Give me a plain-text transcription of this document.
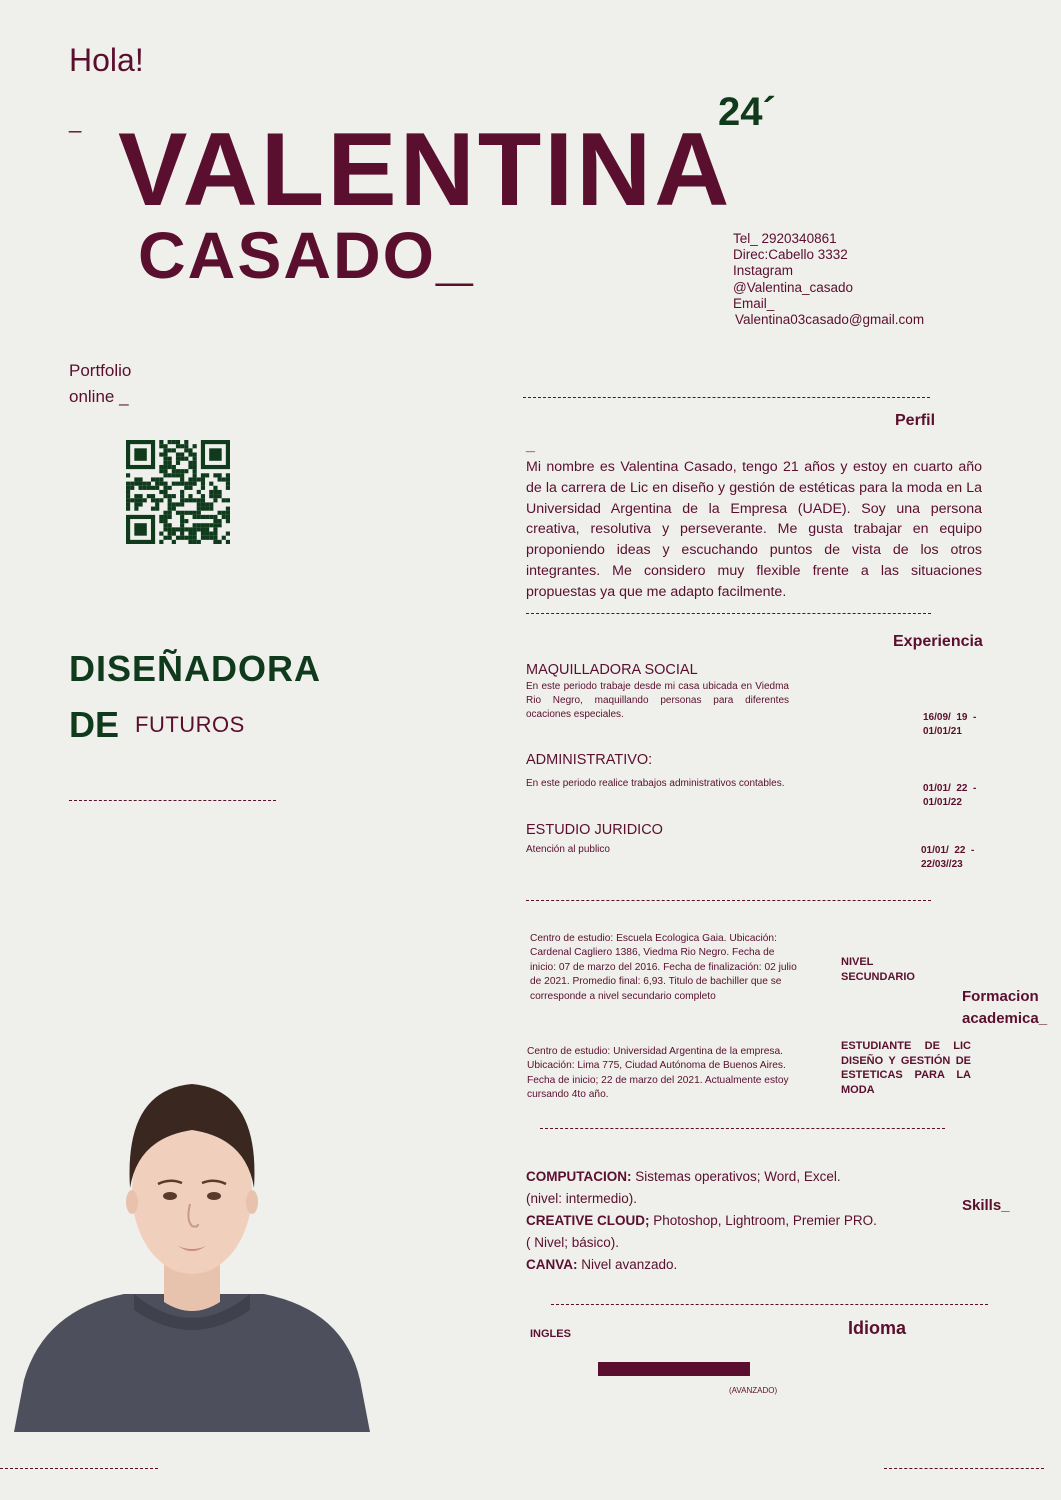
Hola!
_ VALENTINA
24´
CASADO_	Tel_ 2920340861
Direc:Cabello 3332
Instagram
@Valentina_casado
Email_
Valentina03casado@gmail.com
Portfolio
online _
DISEÑADORA
DE FUTUROS
Perfil
_
Mi nombre es Valentina Casado, tengo 21 años y estoy en cuarto año de la carrera de Lic en diseño y gestión de estéticas para la moda en La Universidad Argentina de la Empresa (UADE). Soy una persona creativa, resolutiva y perseverante. Me gusta trabajar en equipo proponiendo ideas y escuchando puntos de vista de los otros integrantes. Me considero muy flexible frente a las situaciones propuestas ya que me adapto facilmente.
Experiencia
MAQUILLADORA SOCIAL
En este periodo trabaje desde mi casa ubicada en Viedma Rio Negro, maquillando personas para diferentes ocaciones especiales.	16/09/  19  -
01/01/21
ADMINISTRATIVO:
En este periodo realice trabajos administrativos contables.	01/01/  22  -
01/01/22
ESTUDIO JURIDICO
Atención al publico	01/01/  22  -
22/03//23
Centro de estudio: Escuela Ecologica Gaia. Ubicación: Cardenal Cagliero 1386, Viedma Rio Negro. Fecha de inicio: 07 de marzo del 2016. Fecha de finalización: 02 julio de 2021. Promedio final: 6,93. Titulo de bachiller que se corresponde a nivel secundario completo
NIVEL SECUNDARIO
Formacion
academica_
Centro de estudio: Universidad Argentina de la empresa. Ubicación: Lima 775, Ciudad Autónoma de Buenos Aires. Fecha de inicio; 22 de marzo del 2021. Actualmente estoy cursando 4to año.
ESTUDIANTE DE LIC DISEÑO Y GESTIÓN DE ESTETICAS PARA LA MODA
COMPUTACION: Sistemas operativos; Word, Excel.
(nivel: intermedio).
CREATIVE CLOUD; Photoshop, Lightroom, Premier PRO.
( Nivel; básico).
CANVA: Nivel avanzado.
Skills_
Idioma
INGLES
(AVANZADO)
